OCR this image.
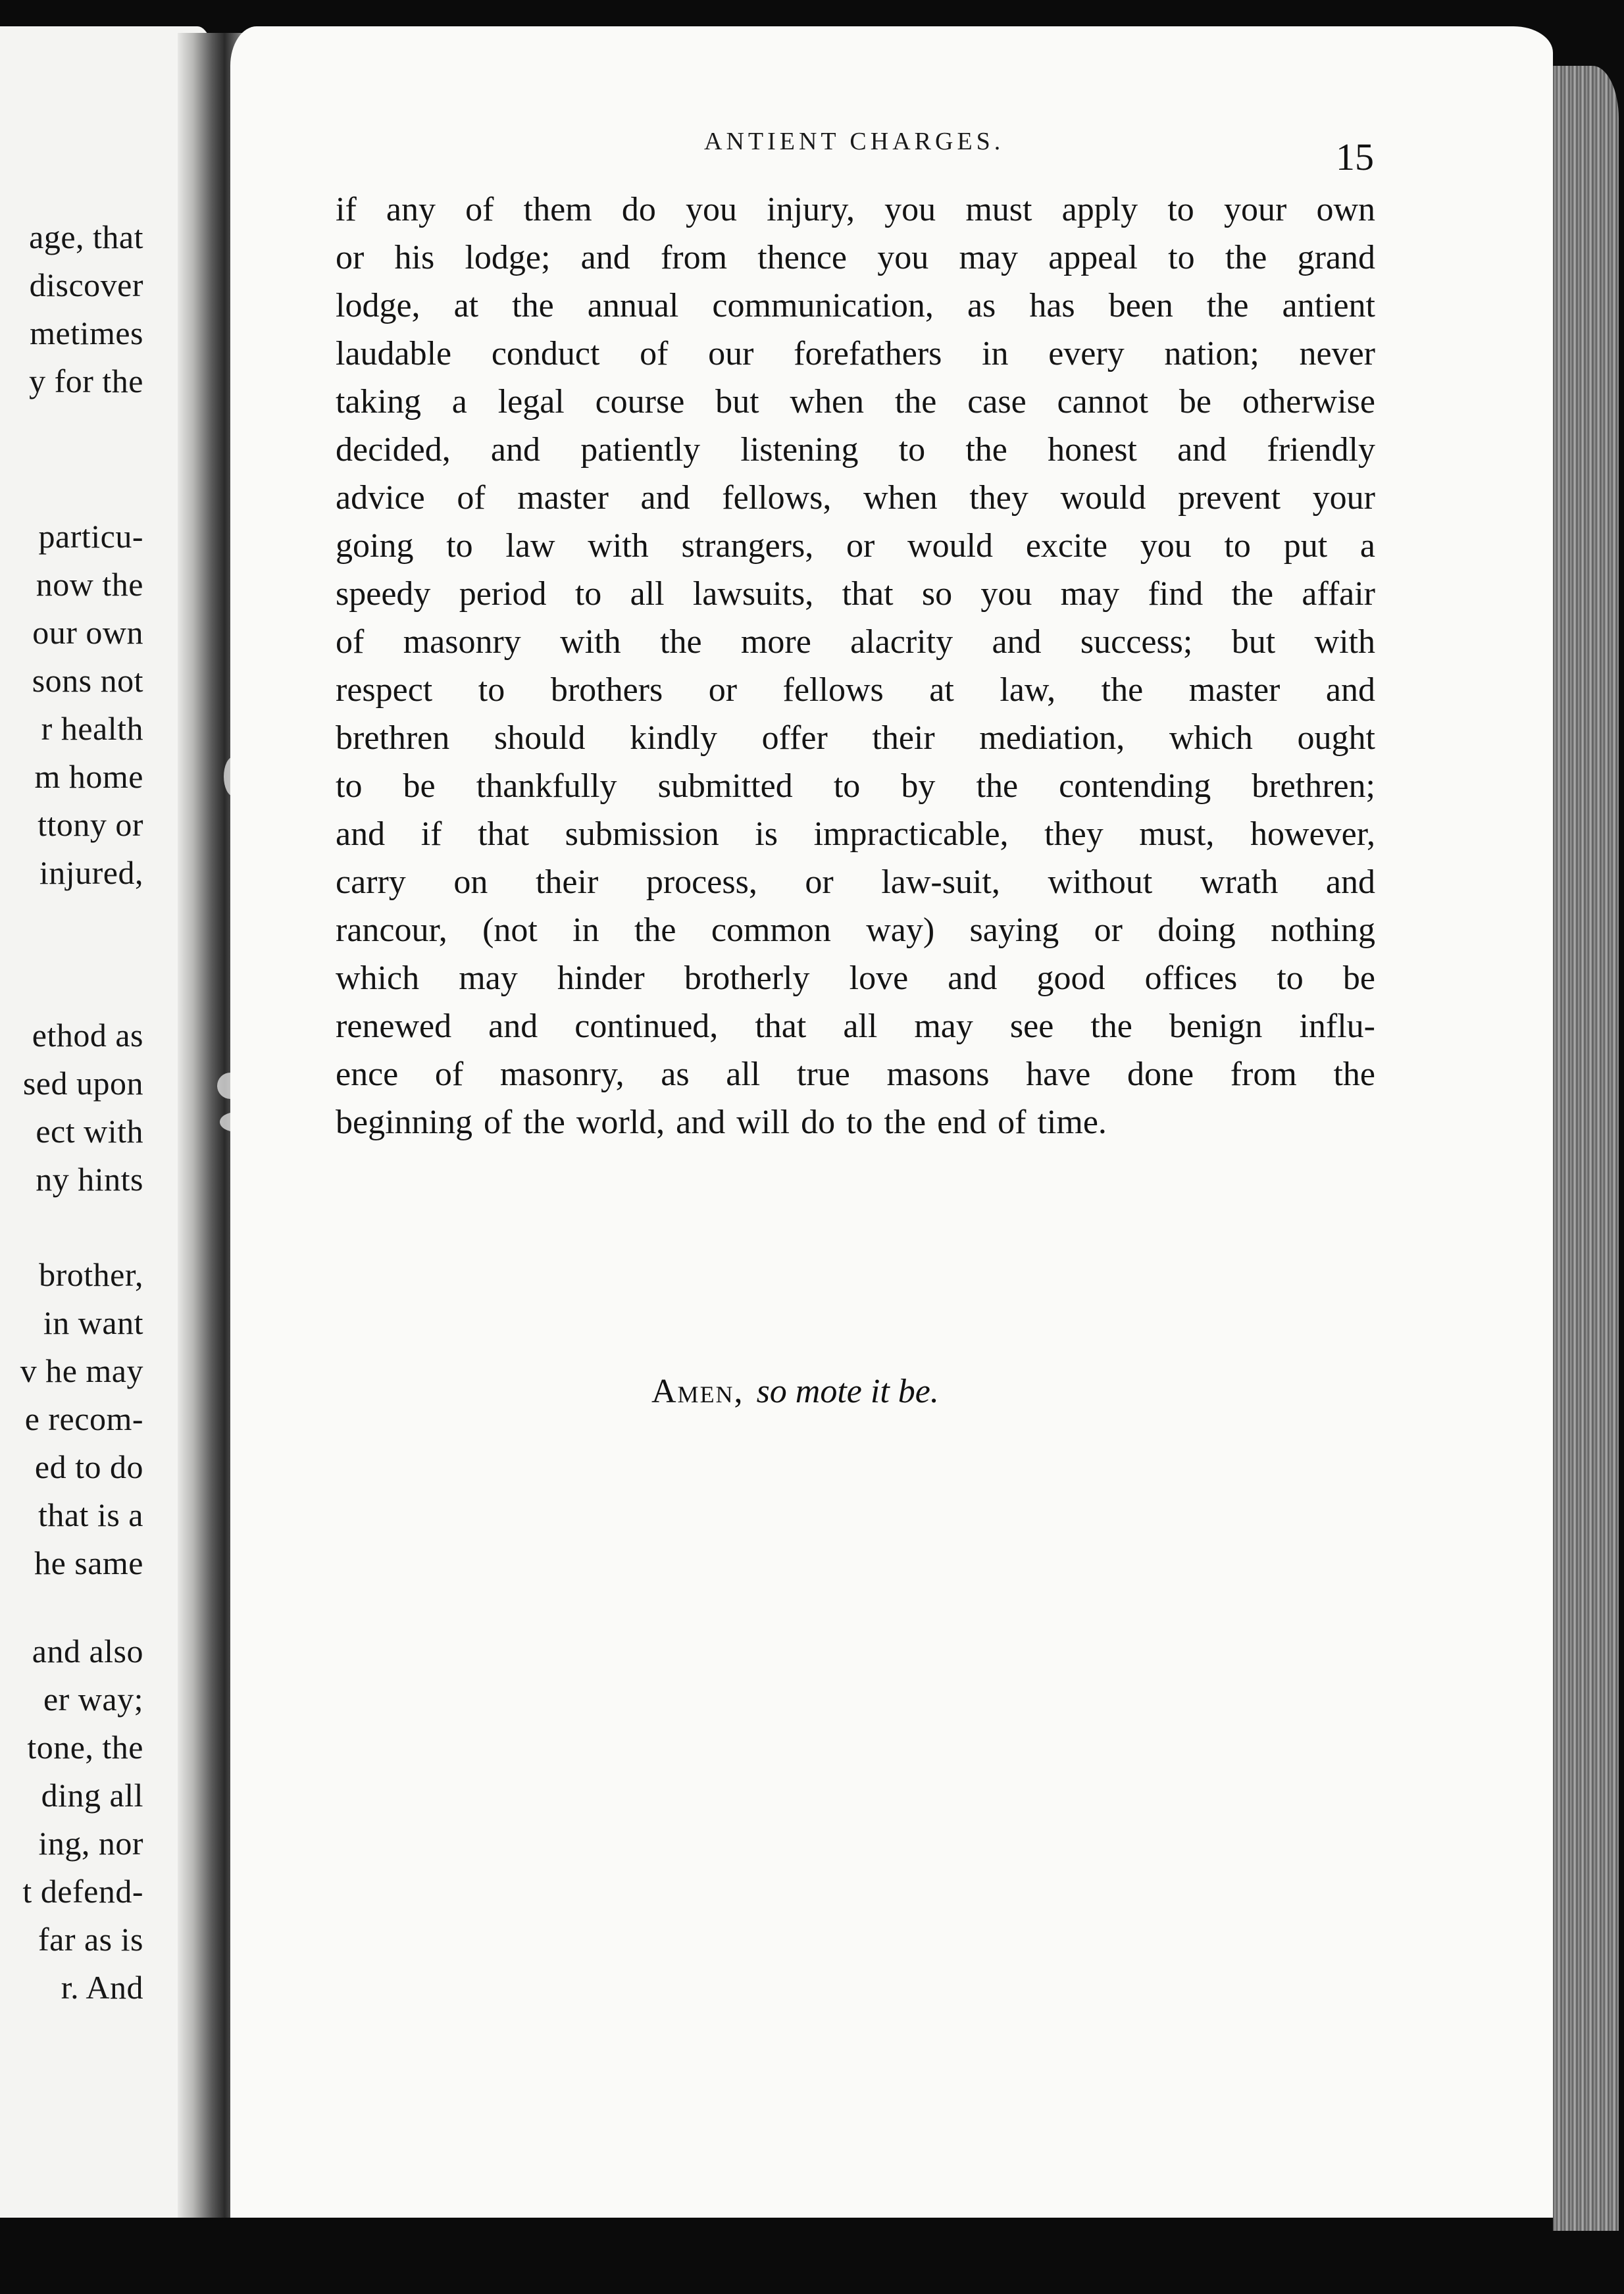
age, that
discover
metimes
y for the
particu-
now the
our own
sons not
r health
m home
ttony or
injured,
ethod as
sed upon
ect with
ny hints
brother,
in want
v he may
e recom-
ed to do
that is a
he same
and also
er way;
tone, the
ding all
ing, nor
t defend-
far as is
r. And
ANTIENT CHARGES.	15
if any of them do you injury, you must apply to your own
or his lodge; and from thence you may appeal to the grand
lodge, at the annual communication, as has been the antient
laudable conduct of our forefathers in every nation; never
taking a legal course but when the case cannot be otherwise
decided, and patiently listening to the honest and friendly
advice of master and fellows, when they would prevent your
going to law with strangers, or would excite you to put a
speedy period to all lawsuits, that so you may find the affair
of masonry with the more alacrity and success; but with
respect to brothers or fellows at law, the master and
brethren should kindly offer their mediation, which ought
to be thankfully submitted to by the contending brethren;
and if that submission is impracticable, they must, however,
carry on their process, or law-suit, without wrath and
rancour, (not in the common way) saying or doing nothing
which may hinder brotherly love and good offices to be
renewed and continued, that all may see the benign influ-
ence of masonry, as all true masons have done from the
beginning of the world, and will do to the end of time.
Amen, so mote it be.
